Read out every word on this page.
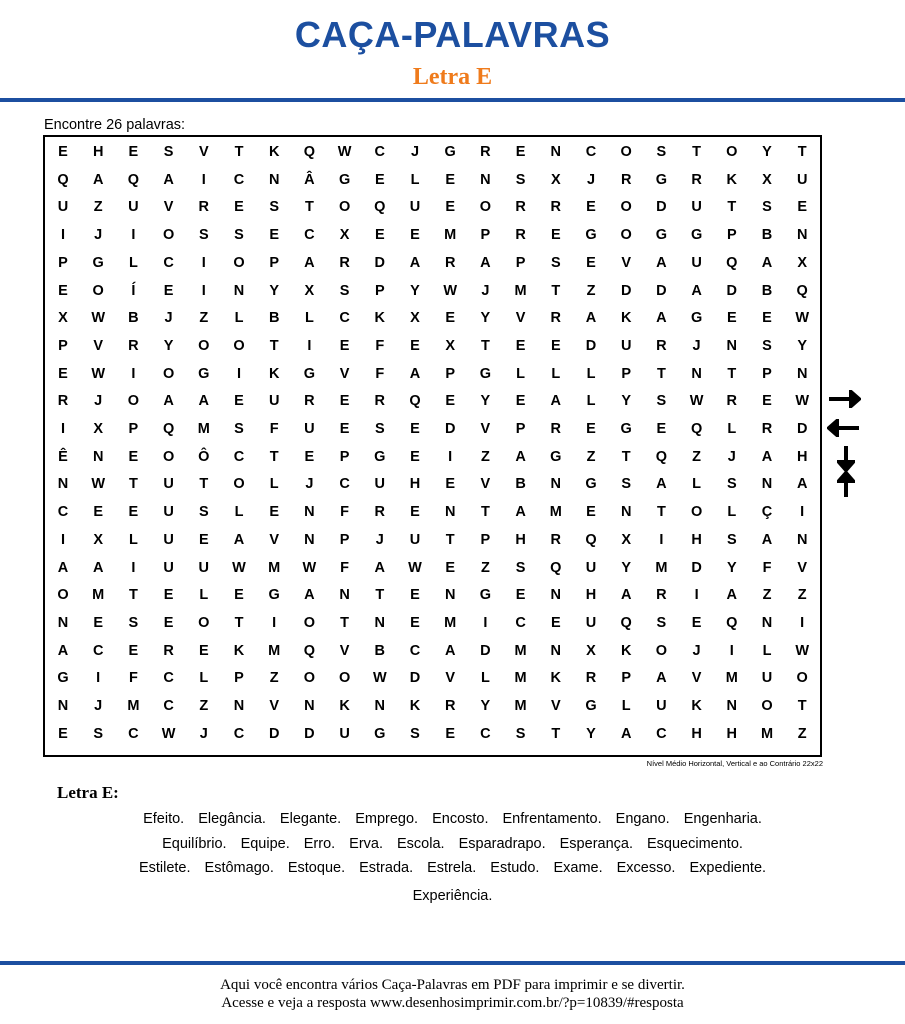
CAÇA-PALAVRAS
Letra E
Encontre 26 palavras:
E	H	E	S	V	T	K	Q	W	C	J	G	R	E	N	C	O	S	T	O	Y	T
Q	A	Q	A	I	C	N	Â	G	E	L	E	N	S	X	J	R	G	R	K	X	U
U	Z	U	V	R	E	S	T	O	Q	U	E	O	R	R	E	O	D	U	T	S	E
I	J	I	O	S	S	E	C	X	E	E	M	P	R	E	G	O	G	G	P	B	N
P	G	L	C	I	O	P	A	R	D	A	R	A	P	S	E	V	A	U	Q	A	X
E	O	Í	E	I	N	Y	X	S	P	Y	W	J	M	T	Z	D	D	A	D	B	Q
X	W	B	J	Z	L	B	L	C	K	X	E	Y	V	R	A	K	A	G	E	E	W
P	V	R	Y	O	O	T	I	E	F	E	X	T	E	E	D	U	R	J	N	S	Y
E	W	I	O	G	I	K	G	V	F	A	P	G	L	L	L	P	T	N	T	P	N
R	J	O	A	A	E	U	R	E	R	Q	E	Y	E	A	L	Y	S	W	R	E	W
I	X	P	Q	M	S	F	U	E	S	E	D	V	P	R	E	G	E	Q	L	R	D
Ê	N	E	O	Ô	C	T	E	P	G	E	I	Z	A	G	Z	T	Q	Z	J	A	H
N	W	T	U	T	O	L	J	C	U	H	E	V	B	N	G	S	A	L	S	N	A
C	E	E	U	S	L	E	N	F	R	E	N	T	A	M	E	N	T	O	L	Ç	I
I	X	L	U	E	A	V	N	P	J	U	T	P	H	R	Q	X	I	H	S	A	N
A	A	I	U	U	W	M	W	F	A	W	E	Z	S	Q	U	Y	M	D	Y	F	V
O	M	T	E	L	E	G	A	N	T	E	N	G	E	N	H	A	R	I	A	Z	Z
N	E	S	E	O	T	I	O	T	N	E	M	I	C	E	U	Q	S	E	Q	N	I
A	C	E	R	E	K	M	Q	V	B	C	A	D	M	N	X	K	O	J	I	L	W
G	I	F	C	L	P	Z	O	O	W	D	V	L	M	K	R	P	A	V	M	U	O
N	J	M	C	Z	N	V	N	K	N	K	R	Y	M	V	G	L	U	K	N	O	T
E	S	C	W	J	C	D	D	U	G	S	E	C	S	T	Y	A	C	H	H	M	Z
Nível Médio Horizontal, Vertical e ao Contrário 22x22
Letra E:
Efeito. Elegância. Elegante. Emprego. Encosto. Enfrentamento. Engano. Engenharia.
Equilíbrio. Equipe. Erro. Erva. Escola. Esparadrapo. Esperança. Esquecimento.
Estilete. Estômago. Estoque. Estrada. Estrela. Estudo. Exame. Excesso. Expediente.
Experiência.
Aqui você encontra vários Caça-Palavras em PDF para imprimir e se divertir.
Acesse e veja a resposta www.desenhosimprimir.com.br/?p=10839/#resposta
